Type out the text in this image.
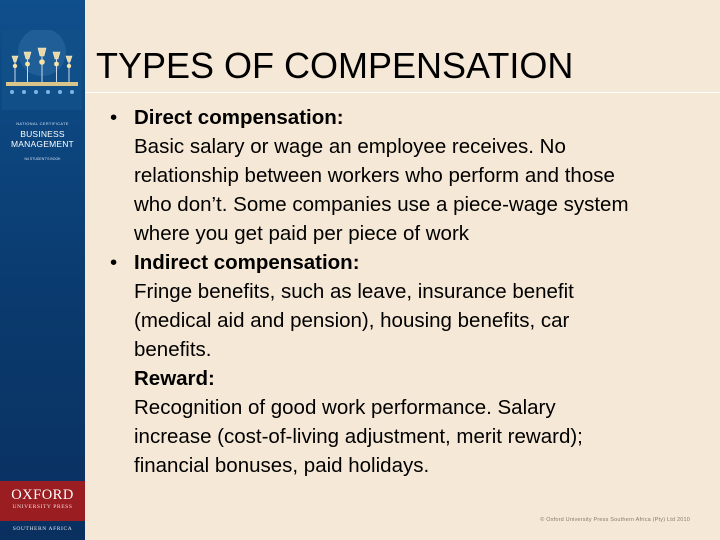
NATIONAL CERTIFICATE
BUSINESS
MANAGEMENT
N4 STUDENT'S BOOK
OXFORD
UNIVERSITY PRESS
SOUTHERN AFRICA
TYPES OF COMPENSATION
• Direct compensation:
Basic salary or wage an employee receives. No
relationship between workers who perform and those
who don’t. Some companies use a piece-wage system
where you get paid per piece of work
• Indirect compensation:
Fringe benefits, such as leave, insurance benefit
(medical aid and pension), housing benefits, car
benefits.
Reward:
Recognition of good work performance. Salary
increase (cost-of-living adjustment, merit reward);
financial bonuses, paid holidays.
© Oxford University Press Southern Africa (Pty) Ltd 2010
